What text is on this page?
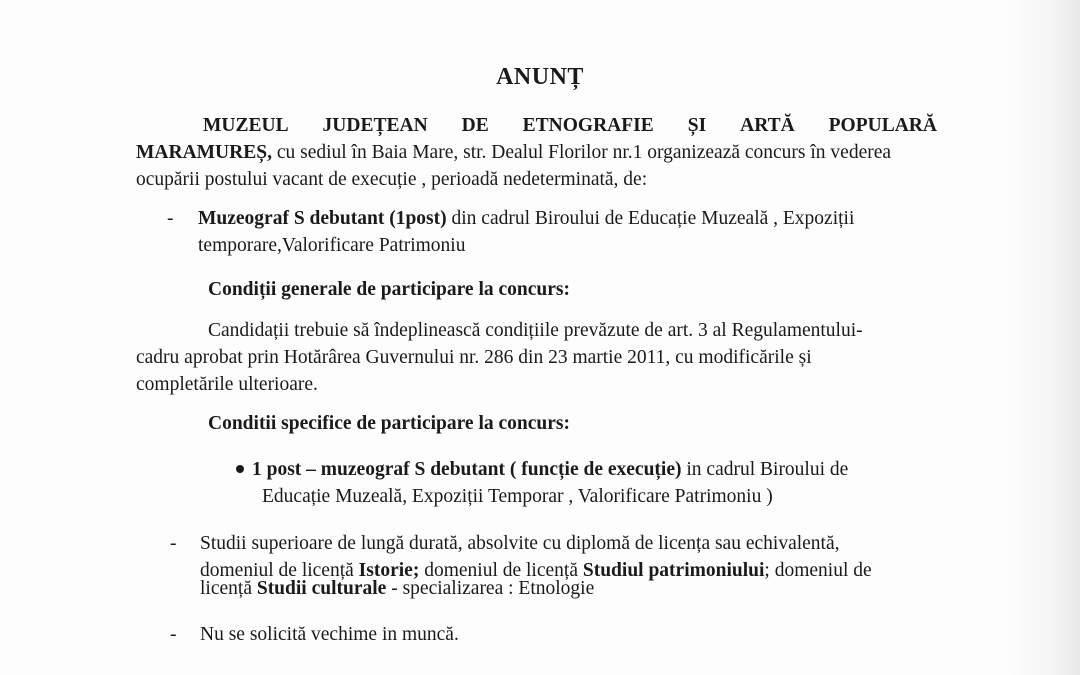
ANUNȚ
MUZEUL JUDEȚEAN DE ETNOGRAFIE ȘI ARTĂ POPULARĂ
MARAMUREȘ, cu sediul în Baia Mare, str. Dealul Florilor nr.1 organizează concurs în vederea
ocupării postului vacant de execuție , perioadă nedeterminată, de:
- Muzeograf S debutant (1post) din cadrul Biroului de Educație Muzeală , Expoziții
temporare,Valorificare Patrimoniu
Condiții generale de participare la concurs:
Candidații trebuie să îndeplinească condițiile prevăzute de art. 3 al Regulamentului-
cadru aprobat prin Hotărârea Guvernului nr. 286 din 23 martie 2011, cu modificările și
completările ulterioare.
Conditii specifice de participare la concurs:
1 post – muzeograf S debutant ( funcție de execuție) in cadrul Biroului de
Educație Muzeală, Expoziții Temporar , Valorificare Patrimoniu )
- Studii superioare de lungă durată, absolvite cu diplomă de licența sau echivalentă,
domeniul de licență Istorie; domeniul de licență Studiul patrimoniului; domeniul de
licență Studii culturale - specializarea : Etnologie
- Nu se solicită vechime in muncă.
